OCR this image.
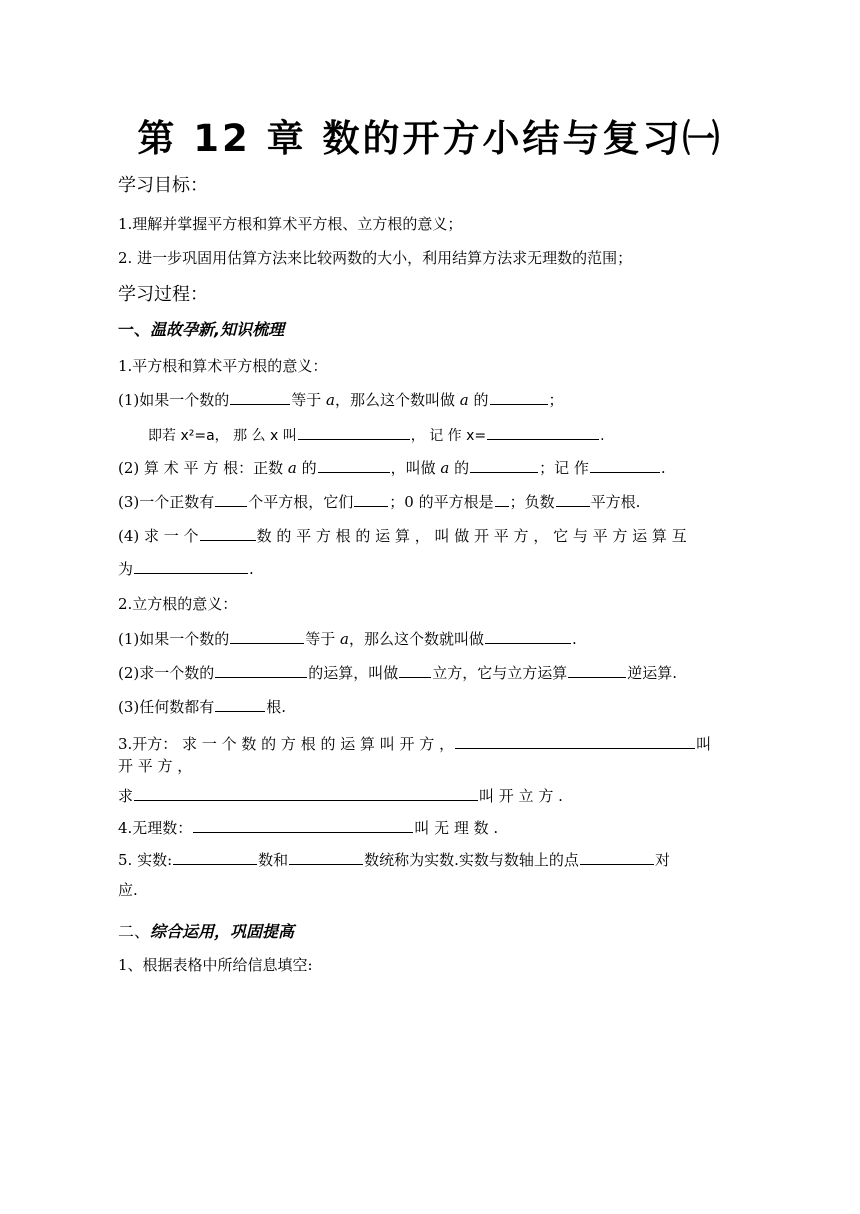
第 12 章 数的开方小结与复习㈠
学习目标：
1.理解并掌握平方根和算术平方根、立方根的意义；
2. 进一步巩固用估算方法来比较两数的大小，利用结算方法求无理数的范围；
学习过程：
一、温故孕新,知识梳理
1.平方根和算术平方根的意义：
(1)如果一个数的	等于 a，那么这个数叫做 a 的	；
即若 x²=a， 那 么 x 叫	， 记 作 x=	.
(2) 算 术 平 方 根：正数 a 的	，叫做 a 的	；记 作	.
(3)一个正数有 个平方根，它们 ；0 的平方根是 ；负数 平方根.
(4) 求 一 个	数 的 平 方 根 的 运 算 ， 叫 做 开 平 方 ， 它 与 平 方 运 算 互
为	.
2.立方根的意义：
(1)如果一个数的	等于 a，那么这个数就叫做	.
(2)求一个数的	的运算，叫做 立方，它与立方运算	逆运算.
(3)任何数都有	根.
3.开方： 求 一 个 数 的 方 根 的 运 算 叫 开 方 ，	叫
开 平 方 ，
求	叫 开 立 方 .
4.无理数：	叫 无 理 数 .
5. 实数:	数和	数统称为实数.实数与数轴上的点	对
应.
二、综合运用，巩固提高
1、根据表格中所给信息填空:
